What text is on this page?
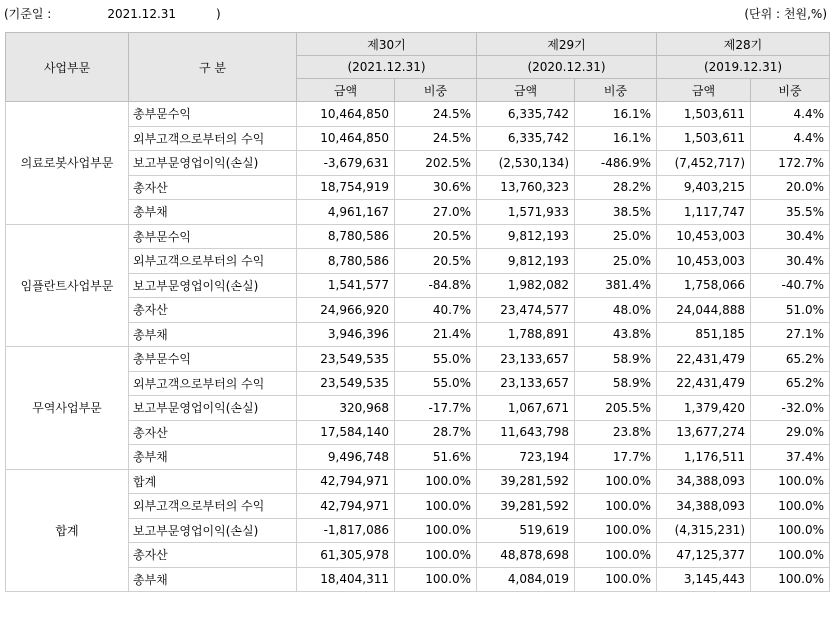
(기준일 :	2021.12.31	)	(단위 : 천원,%)
사업부문	구 분	제30기		제29기		제28기	
		(2021.12.31)		(2020.12.31)		(2019.12.31)	
		금액	비중	금액	비중	금액	비중
의료로봇사업부문	총부문수익	10,464,850	24.5%	6,335,742	16.1%	1,503,611	4.4%
	외부고객으로부터의 수익	10,464,850	24.5%	6,335,742	16.1%	1,503,611	4.4%
	보고부문영업이익(손실)	-3,679,631	202.5%	(2,530,134)	-486.9%	(7,452,717)	172.7%
	총자산	18,754,919	30.6%	13,760,323	28.2%	9,403,215	20.0%
	총부채	4,961,167	27.0%	1,571,933	38.5%	1,117,747	35.5%
임플란트사업부문	총부문수익	8,780,586	20.5%	9,812,193	25.0%	10,453,003	30.4%
	외부고객으로부터의 수익	8,780,586	20.5%	9,812,193	25.0%	10,453,003	30.4%
	보고부문영업이익(손실)	1,541,577	-84.8%	1,982,082	381.4%	1,758,066	-40.7%
	총자산	24,966,920	40.7%	23,474,577	48.0%	24,044,888	51.0%
	총부채	3,946,396	21.4%	1,788,891	43.8%	851,185	27.1%
무역사업부문	총부문수익	23,549,535	55.0%	23,133,657	58.9%	22,431,479	65.2%
	외부고객으로부터의 수익	23,549,535	55.0%	23,133,657	58.9%	22,431,479	65.2%
	보고부문영업이익(손실)	320,968	-17.7%	1,067,671	205.5%	1,379,420	-32.0%
	총자산	17,584,140	28.7%	11,643,798	23.8%	13,677,274	29.0%
	총부채	9,496,748	51.6%	723,194	17.7%	1,176,511	37.4%
합계	합계	42,794,971	100.0%	39,281,592	100.0%	34,388,093	100.0%
	외부고객으로부터의 수익	42,794,971	100.0%	39,281,592	100.0%	34,388,093	100.0%
	보고부문영업이익(손실)	-1,817,086	100.0%	519,619	100.0%	(4,315,231)	100.0%
	총자산	61,305,978	100.0%	48,878,698	100.0%	47,125,377	100.0%
	총부채	18,404,311	100.0%	4,084,019	100.0%	3,145,443	100.0%
